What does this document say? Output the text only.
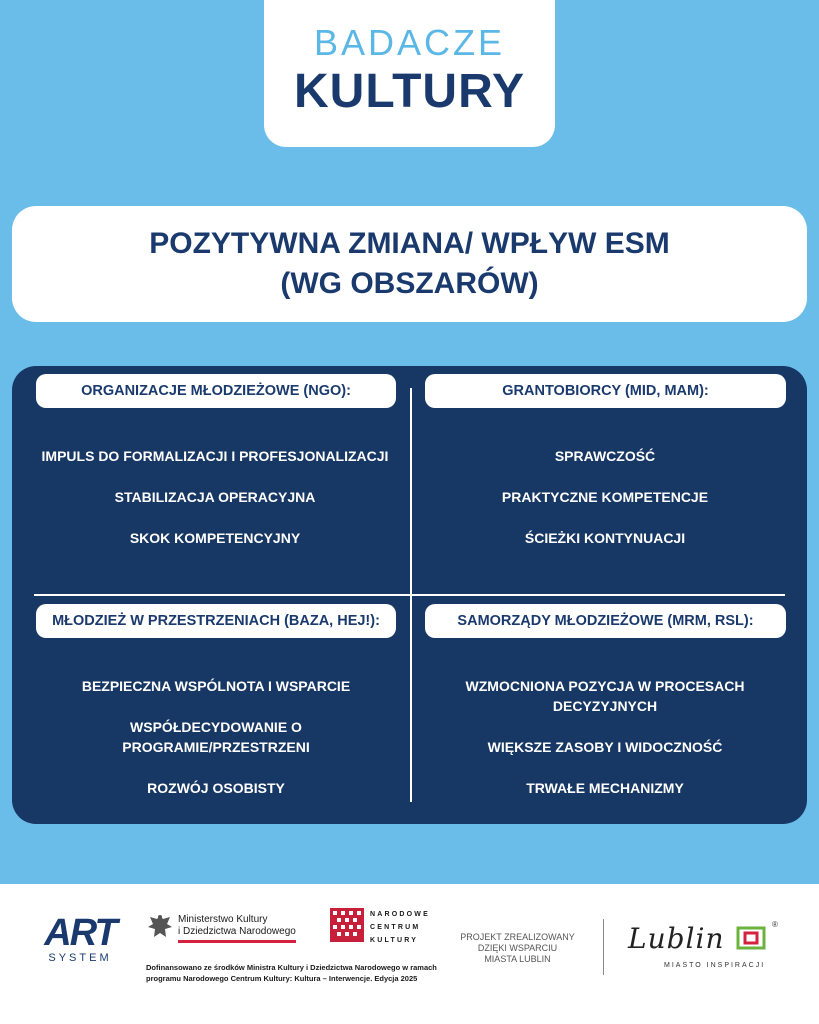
BADACZE
KULTURY
POZYTYWNA ZMIANA/ WPŁYW ESM
(WG OBSZARÓW)
ORGANIZACJE MŁODZIEŻOWE (NGO):
IMPULS DO FORMALIZACJI I PROFESJONALIZACJI
STABILIZACJA OPERACYJNA
SKOK KOMPETENCYJNY
GRANTOBIORCY (MID, MAM):
SPRAWCZOŚĆ
PRAKTYCZNE KOMPETENCJE
ŚCIEŻKI KONTYNUACJI
MŁODZIEŻ W PRZESTRZENIACH (BAZA, HEJ!):
BEZPIECZNA WSPÓLNOTA I WSPARCIE
WSPÓŁDECYDOWANIE O PROGRAMIE/PRZESTRZENI
ROZWÓJ OSOBISTY
SAMORZĄDY MŁODZIEŻOWE (MRM, RSL):
WZMOCNIONA POZYCJA W PROCESACH DECYZYJNYCH
WIĘKSZE ZASOBY I WIDOCZNOŚĆ
TRWAŁE MECHANIZMY
ART
SYSTEM
Ministerstwo Kultury
i Dziedzictwa Narodowego
NARODOWE
CENTRUM
KULTURY
Dofinansowano ze środków Ministra Kultury i Dziedzictwa Narodowego w ramach
programu Narodowego Centrum Kultury: Kultura – Interwencje. Edycja 2025
PROJEKT ZREALIZOWANY
DZIĘKI WSPARCIU
MIASTA LUBLIN
Lublin	®
MIASTO INSPIRACJI
